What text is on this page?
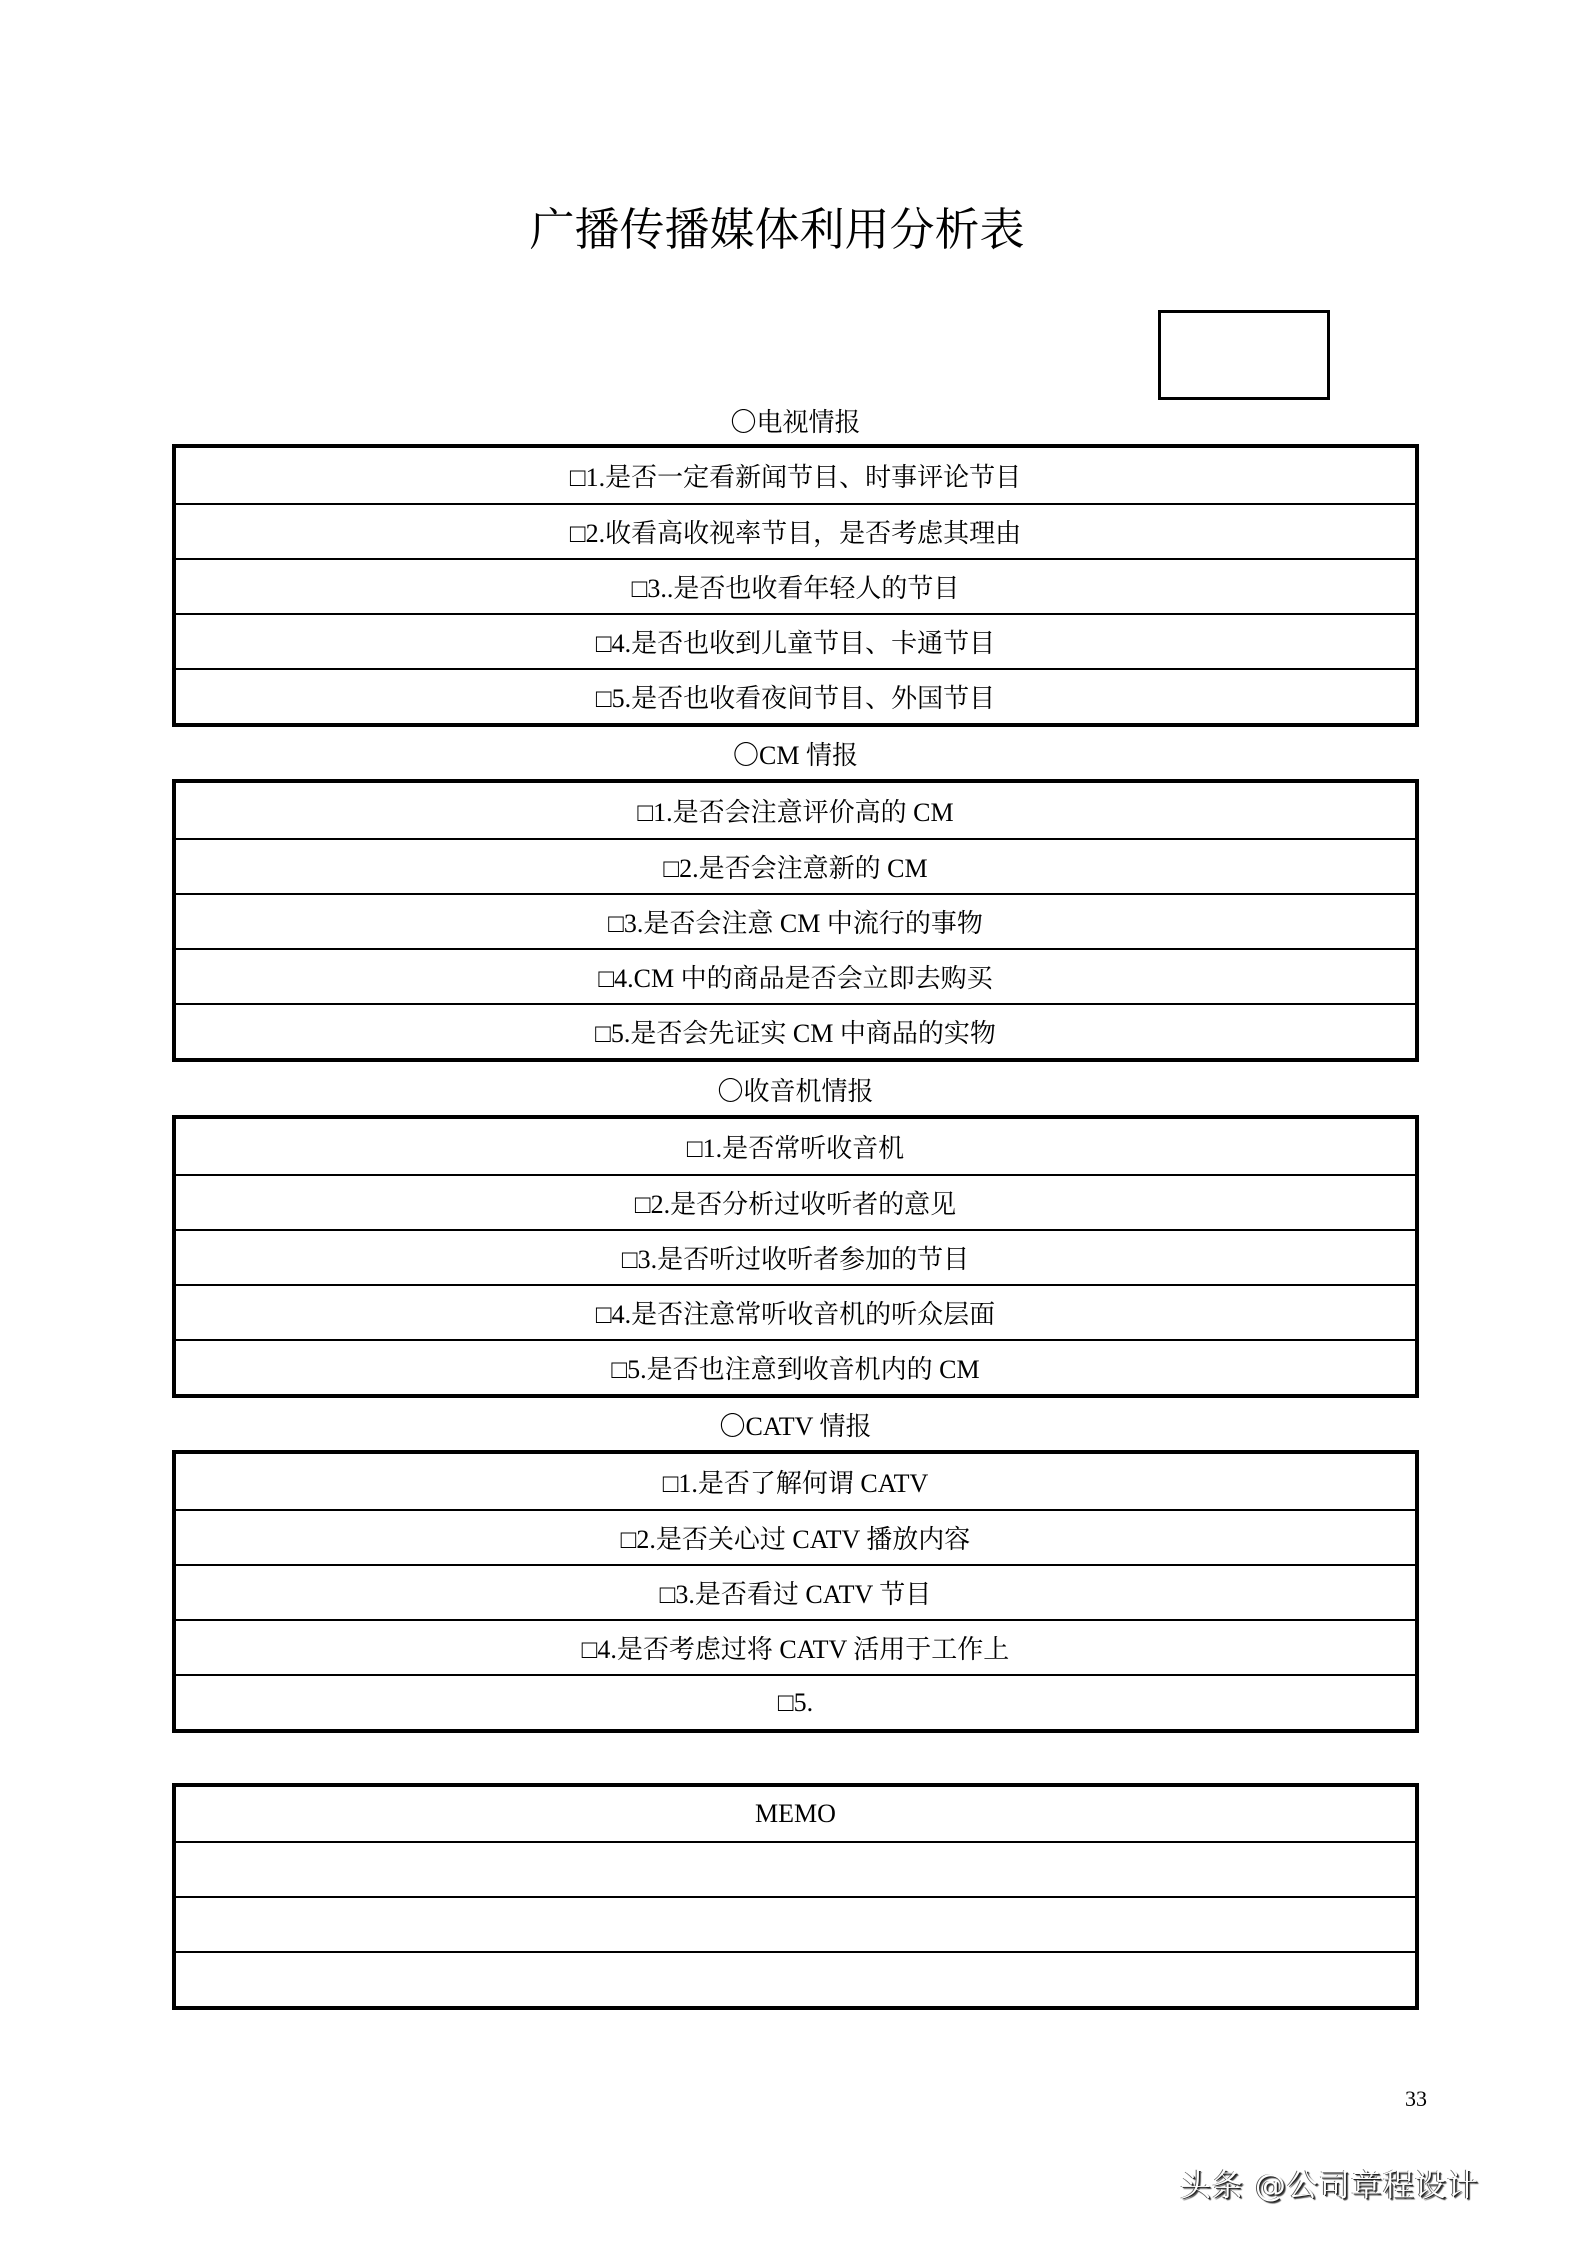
广播传播媒体利用分析表
〇电视情报
□1.是否一定看新闻节目、时事评论节目
□2.收看高收视率节目，是否考虑其理由
□3..是否也收看年轻人的节目
□4.是否也收到儿童节目、卡通节目
□5.是否也收看夜间节目、外国节目
〇CM 情报
□1.是否会注意评价高的 CM
□2.是否会注意新的 CM
□3.是否会注意 CM 中流行的事物
□4.CM 中的商品是否会立即去购买
□5.是否会先证实 CM 中商品的实物
〇收音机情报
□1.是否常听收音机
□2.是否分析过收听者的意见
□3.是否听过收听者参加的节目
□4.是否注意常听收音机的听众层面
□5.是否也注意到收音机内的 CM
〇CATV 情报
□1.是否了解何谓 CATV
□2.是否关心过 CATV 播放内容
□3.是否看过 CATV 节目
□4.是否考虑过将 CATV 活用于工作上
□5.
MEMO
33
头条 @公司章程设计
